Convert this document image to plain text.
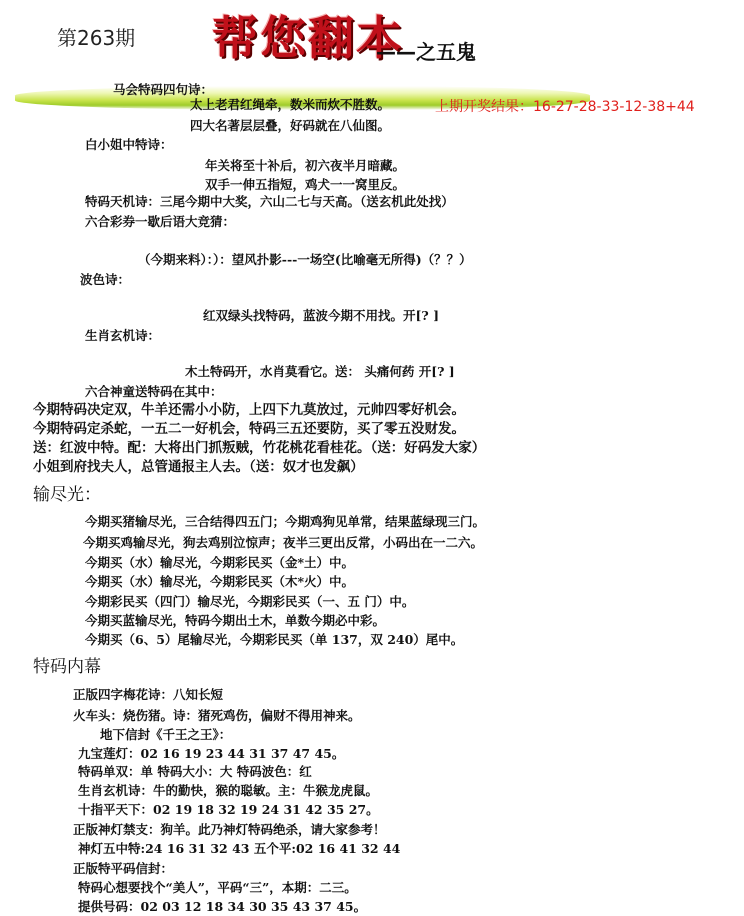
第263期 帮您翻本
——之五鬼
上期开奖结果：16-27-28-33-12-38+44
马会特码四句诗：
太上老君红绳牵，数米而炊不胜数。
四大名著层层叠，好码就在八仙图。
白小姐中特诗：
年关将至十补后，初六夜半月暗藏。
双手一伸五指短，鸡犬一一窝里反。
特码天机诗：三尾今期中大奖，六山二七与天高。（送玄机此处找）
六合彩券一歇后语大竞猜：
（今期来料）：）：望风扑影---一场空(比喻毫无所得)（？？）
波色诗：
红双绿头找特码，蓝波今期不用找。开[? ]
生肖玄机诗：
木土特码开，水肖莫看它。送： 头痛何药 开[? ]
六合神童送特码在其中：
今期特码决定双，牛羊还需小小防，上四下九莫放过，元帅四零好机会。
今期特码定杀蛇，一五二一好机会，特码三五还要防，买了零五没财发。
送：红波中特。配：大将出门抓叛贼，竹花桃花看桂花。（送：好码发大家）
小姐到府找夫人，总管通报主人去。（送：奴才也发飙）
输尽光：
今期买猪输尽光，三合结得四五门；今期鸡狗见单常，结果蓝绿现三门。
今期买鸡输尽光，狗去鸡别泣惊声；夜半三更出反常，小码出在一二六。
今期买（水）输尽光，今期彩民买（金*土）中。
今期买（水）输尽光，今期彩民买（木*火）中。
今期彩民买（四门）输尽光，今期彩民买（一、五 门）中。
今期买蓝输尽光，特码今期出土木，单数今期必中彩。
今期买（6、5）尾输尽光，今期彩民买（单 137，双 240）尾中。
特码内幕
正版四字梅花诗：八知长短
火车头：烧伤猪。诗：猪死鸡伤，偏财不得用神来。
地下信封《千王之王》：
九宝莲灯：02 16 19 23 44 31 37 47 45。
特码单双：单 特码大小：大 特码波色：红
生肖玄机诗：牛的勤快，猴的聪敏。主：牛猴龙虎鼠。
十指平天下：02 19 18 32 19 24 31 42 35 27。
正版神灯禁支：狗羊。此乃神灯特码绝杀，请大家参考！
神灯五中特:24 16 31 32 43 五个平:02 16 41 32 44
正版特平码信封：
特码心想要找个“美人”，平码“三”，本期：二三。
提供号码：02 03 12 18 34 30 35 43 37 45。
